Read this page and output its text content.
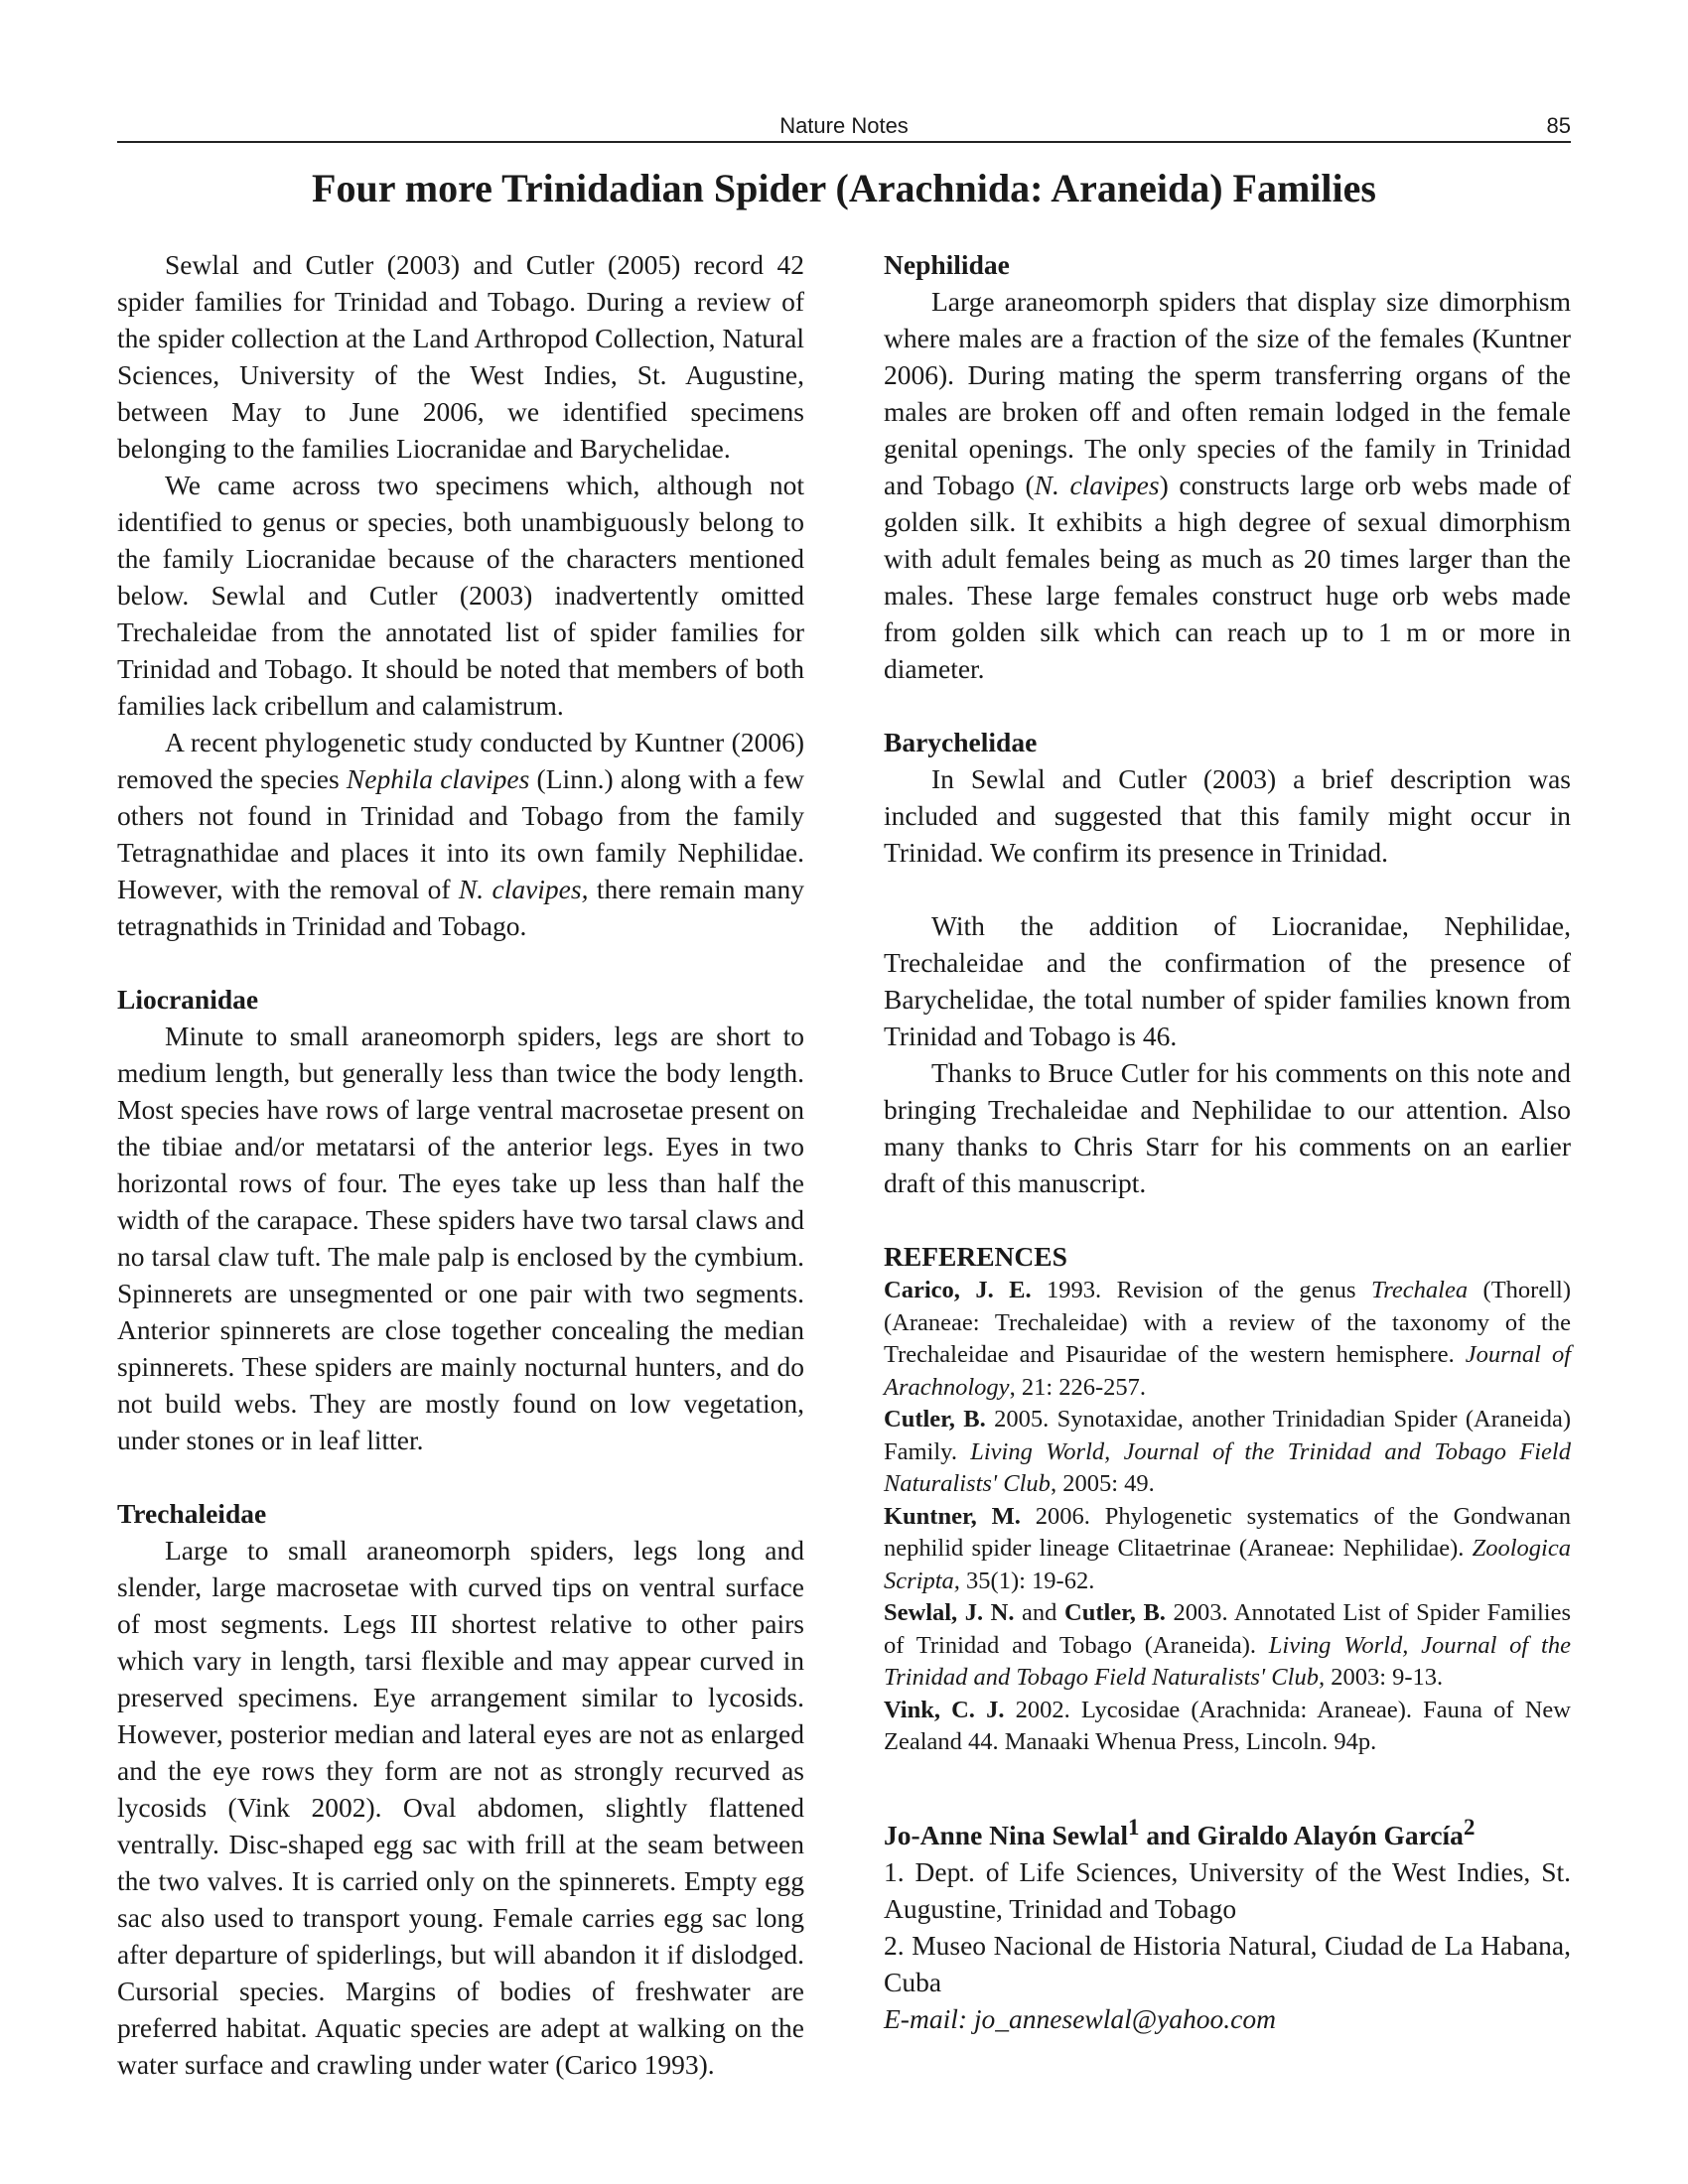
Nature Notes	85
Four more Trinidadian Spider (Arachnida: Araneida) Families

Sewlal and Cutler (2003) and Cutler (2005) record 42 spider families for Trinidad and Tobago. During a review of the spider collection at the Land Arthropod Collection, Natural Sciences, University of the West Indies, St. Augustine, between May to June 2006, we identified specimens belonging to the families Liocranidae and Barychelidae.

We came across two specimens which, although not identified to genus or species, both unambiguously belong to the family Liocranidae because of the characters mentioned below. Sewlal and Cutler (2003) inadvertently omitted Trechaleidae from the annotated list of spider families for Trinidad and Tobago. It should be noted that members of both families lack cribellum and calamistrum.

A recent phylogenetic study conducted by Kuntner (2006) removed the species Nephila clavipes (Linn.) along with a few others not found in Trinidad and Tobago from the family Tetragnathidae and places it into its own family Nephilidae. However, with the removal of N. clavipes, there remain many tetragnathids in Trinidad and Tobago.

Liocranidae

Minute to small araneomorph spiders, legs are short to medium length, but generally less than twice the body length. Most species have rows of large ventral macrosetae present on the tibiae and/or metatarsi of the anterior legs. Eyes in two horizontal rows of four. The eyes take up less than half the width of the carapace. These spiders have two tarsal claws and no tarsal claw tuft. The male palp is enclosed by the cymbium. Spinnerets are unsegmented or one pair with two segments. Anterior spinnerets are close together concealing the median spinnerets. These spiders are mainly nocturnal hunters, and do not build webs. They are mostly found on low vegetation, under stones or in leaf litter.

Trechaleidae

Large to small araneomorph spiders, legs long and slender, large macrosetae with curved tips on ventral surface of most segments. Legs III shortest relative to other pairs which vary in length, tarsi flexible and may appear curved in preserved specimens. Eye arrangement similar to lycosids. However, posterior median and lateral eyes are not as enlarged and the eye rows they form are not as strongly recurved as lycosids (Vink 2002). Oval abdomen, slightly flattened ventrally. Disc-shaped egg sac with frill at the seam between the two valves. It is carried only on the spinnerets. Empty egg sac also used to transport young. Female carries egg sac long after departure of spiderlings, but will abandon it if dislodged. Cursorial species. Margins of bodies of freshwater are preferred habitat. Aquatic species are adept at walking on the water surface and crawling under water (Carico 1993).

Nephilidae

Large araneomorph spiders that display size dimorphism where males are a fraction of the size of the females (Kuntner 2006). During mating the sperm transferring organs of the males are broken off and often remain lodged in the female genital openings. The only species of the family in Trinidad and Tobago (N. clavipes) constructs large orb webs made of golden silk. It exhibits a high degree of sexual dimorphism with adult females being as much as 20 times larger than the males. These large females construct huge orb webs made from golden silk which can reach up to 1 m or more in diameter.

Barychelidae

In Sewlal and Cutler (2003) a brief description was included and suggested that this family might occur in Trinidad. We confirm its presence in Trinidad.

With the addition of Liocranidae, Nephilidae, Trechaleidae and the confirmation of the presence of Barychelidae, the total number of spider families known from Trinidad and Tobago is 46.

Thanks to Bruce Cutler for his comments on this note and bringing Trechaleidae and Nephilidae to our attention. Also many thanks to Chris Starr for his comments on an earlier draft of this manuscript.

REFERENCES

Carico, J. E. 1993. Revision of the genus Trechalea (Thorell) (Araneae: Trechaleidae) with a review of the taxonomy of the Trechaleidae and Pisauridae of the western hemisphere. Journal of Arachnology, 21: 226-257.

Cutler, B. 2005. Synotaxidae, another Trinidadian Spider (Araneida) Family. Living World, Journal of the Trinidad and Tobago Field Naturalists' Club, 2005: 49.

Kuntner, M. 2006. Phylogenetic systematics of the Gondwanan nephilid spider lineage Clitaetrinae (Araneae: Nephilidae). Zoologica Scripta, 35(1): 19-62.

Sewlal, J. N. and Cutler, B. 2003. Annotated List of Spider Families of Trinidad and Tobago (Araneida). Living World, Journal of the Trinidad and Tobago Field Naturalists' Club, 2003: 9-13.

Vink, C. J. 2002. Lycosidae (Arachnida: Araneae). Fauna of New Zealand 44. Manaaki Whenua Press, Lincoln. 94p.

Jo-Anne Nina Sewlal$^1$ and Giraldo Alayón García$^2$

1. Dept. of Life Sciences, University of the West Indies, St. Augustine, Trinidad and Tobago

2. Museo Nacional de Historia Natural, Ciudad de La Habana, Cuba

E-mail: jo_annesewlal@yahoo.com
